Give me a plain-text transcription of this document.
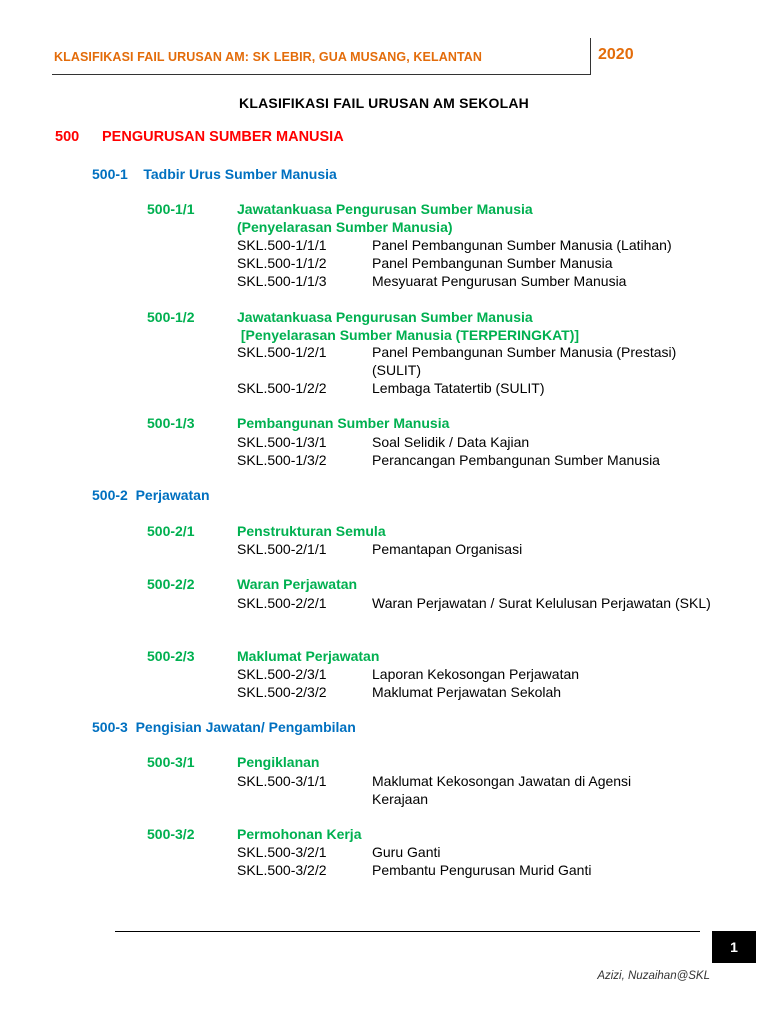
KLASIFIKASI FAIL URUSAN AM: SK LEBIR, GUA MUSANG, KELANTAN	2020
KLASIFIKASI FAIL URUSAN AM SEKOLAH
500 PENGURUSAN SUMBER MANUSIA
500-1    Tadbir Urus Sumber Manusia
500-1/1	Jawatankuasa Pengurusan Sumber Manusia
(Penyelarasan Sumber Manusia)
SKL.500-1/1/1	Panel Pembangunan Sumber Manusia (Latihan)
SKL.500-1/1/2	Panel Pembangunan Sumber Manusia
SKL.500-1/1/3	Mesyuarat Pengurusan Sumber Manusia
500-1/2	Jawatankuasa Pengurusan Sumber Manusia
[Penyelarasan Sumber Manusia (TERPERINGKAT)]
SKL.500-1/2/1	Panel Pembangunan Sumber Manusia (Prestasi) (SULIT)
SKL.500-1/2/2	Lembaga Tatatertib (SULIT)
500-1/3	Pembangunan Sumber Manusia
SKL.500-1/3/1	Soal Selidik / Data Kajian
SKL.500-1/3/2	Perancangan Pembangunan Sumber Manusia
500-2  Perjawatan
500-2/1	Penstrukturan Semula
SKL.500-2/1/1	Pemantapan Organisasi
500-2/2	Waran Perjawatan
SKL.500-2/2/1	Waran Perjawatan / Surat Kelulusan Perjawatan (SKL)
500-2/3	Maklumat Perjawatan
SKL.500-2/3/1	Laporan Kekosongan Perjawatan
SKL.500-2/3/2	Maklumat Perjawatan Sekolah
500-3  Pengisian Jawatan/ Pengambilan
500-3/1	Pengiklanan
SKL.500-3/1/1	Maklumat Kekosongan Jawatan di Agensi Kerajaan
500-3/2	Permohonan Kerja
SKL.500-3/2/1	Guru Ganti
SKL.500-3/2/2	Pembantu Pengurusan Murid Ganti
1
Azizi, Nuzaihan@SKL
